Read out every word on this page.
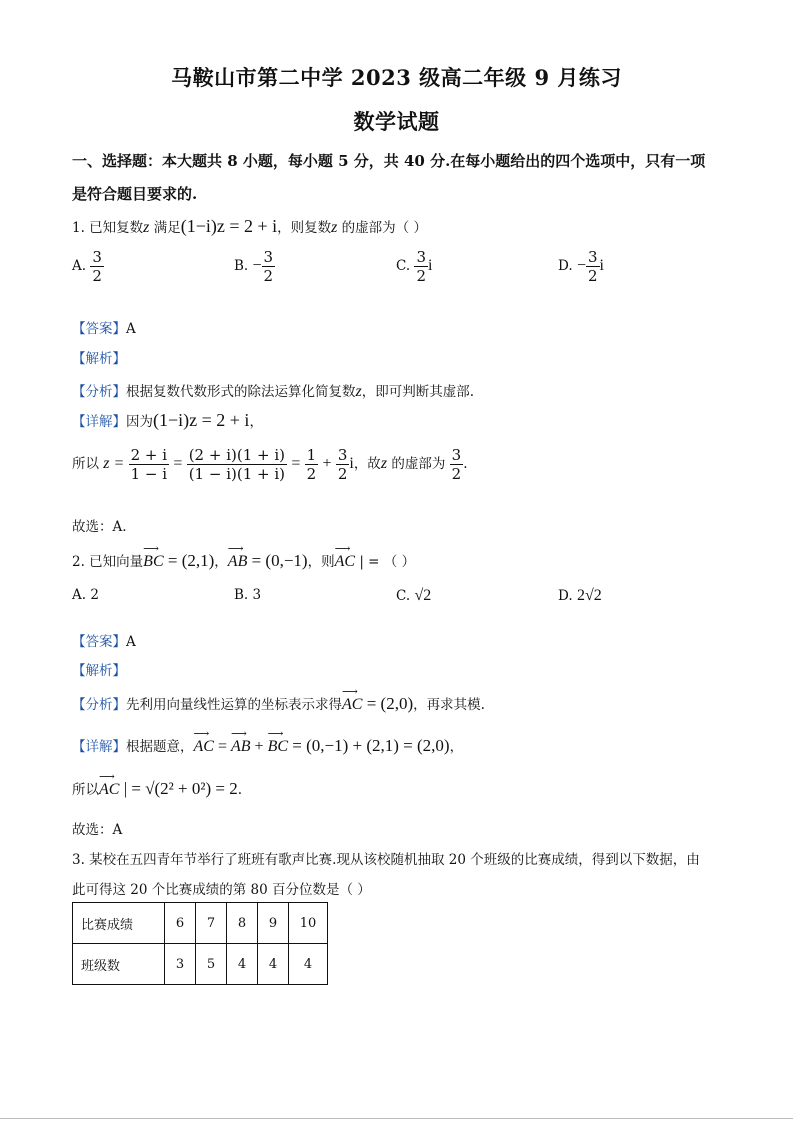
马鞍山市第二中学 2023 级高二年级 9 月练习
数学试题
一、选择题：本大题共 8 小题，每小题 5 分，共 40 分.在每小题给出的四个选项中，只有一项
是符合题目要求的.
1. 已知复数z 满足(1−i)z = 2 + i，则复数z 的虚部为（ ）
A. $\frac{3}{2}$	B. − $\frac{3}{2}$	C. $\frac{3}{2}$ i	D. − $\frac{3}{2}$ i
【答案】A
【解析】
【分析】根据复数代数形式的除法运算化简复数z，即可判断其虚部.
【详解】因为(1−i)z = 2 + i，
所以 $z = \frac{2 + i}{1 - i} = \frac{(2 + i)(1 + i)}{(1 - i)(1 + i)} = \frac{1}{2} + \frac{3}{2}$ i，故z 的虚部为 $\frac{3}{2}$ .
故选：A.
2. 已知向量⟶ BC = (2,1)，⟶ AB = (0,−1)，则⟶ AC | = （ ）
A. 2	B. 3	C. √2	D. 2√2
【答案】A
【解析】
【分析】先利用向量线性运算的坐标表示求得⟶ AC = (2,0)，再求其模.
【详解】根据题意，⟶ AC = ⟶ AB + ⟶ BC = (0,−1) + (2,1) = (2,0)，
所以⟶ AC | = √(2² + 0²) = 2.
故选：A
3. 某校在五四青年节举行了班班有歌声比赛.现从该校随机抽取 20 个班级的比赛成绩，得到以下数据，由
此可得这 20 个比赛成绩的第 80 百分位数是（ ）
比赛成绩	6	7	8	9	10
班级数	3	5	4	4	4
